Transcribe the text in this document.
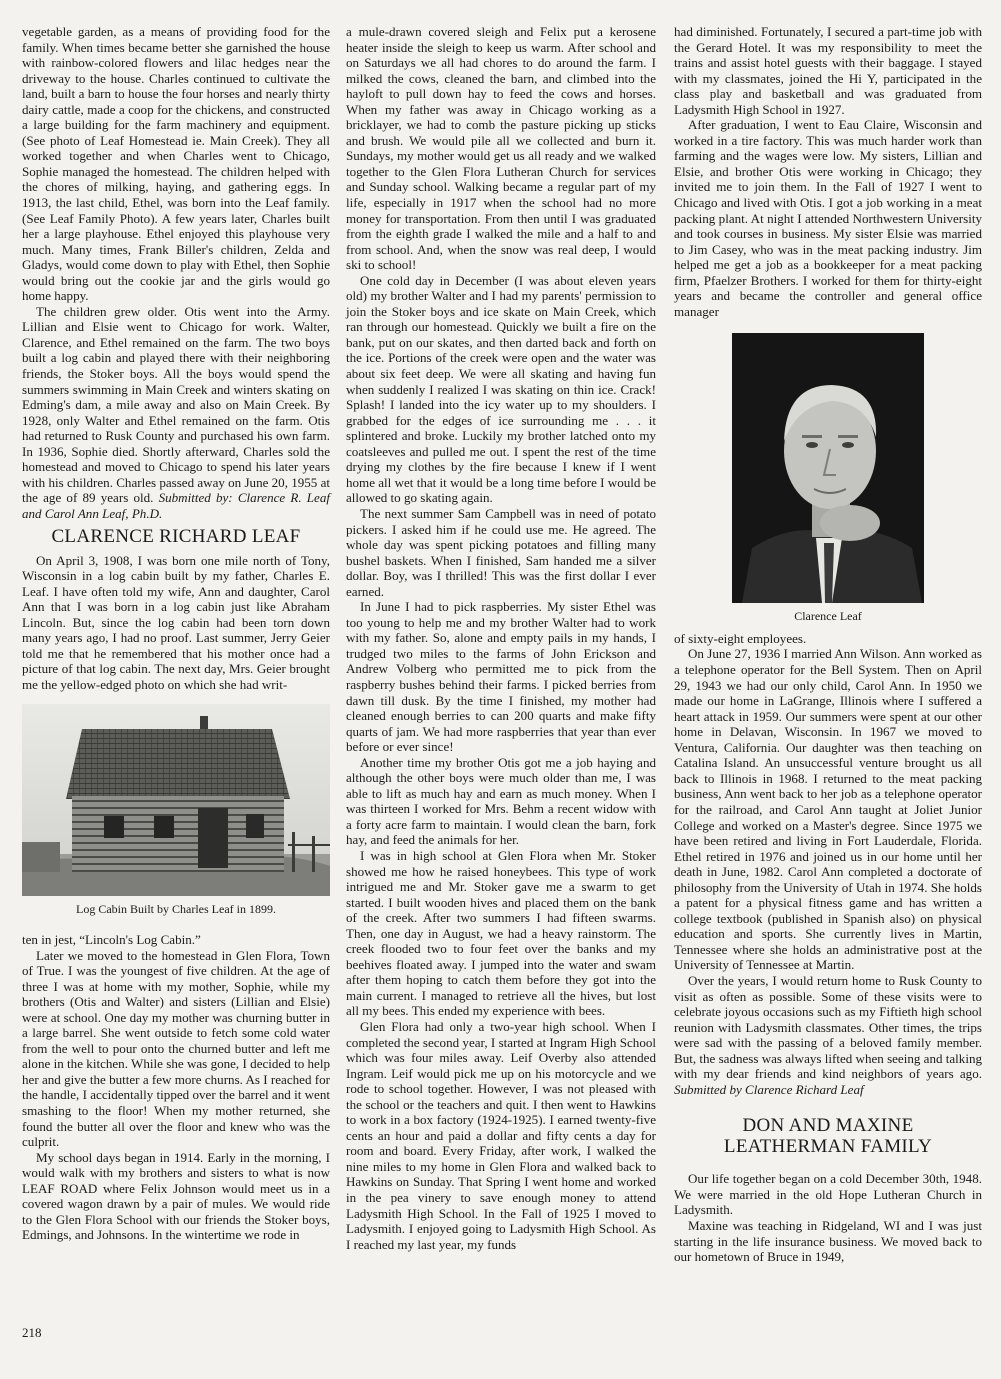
vegetable garden, as a means of providing food for the family. When times became better she garnished the house with rainbow-colored flowers and lilac hedges near the driveway to the house. Charles continued to cultivate the land, built a barn to house the four horses and nearly thirty dairy cattle, made a coop for the chickens, and constructed a large building for the farm machinery and equipment. (See photo of Leaf Homestead ie. Main Creek). They all worked together and when Charles went to Chicago, Sophie managed the homestead. The children helped with the chores of milking, haying, and gathering eggs. In 1913, the last child, Ethel, was born into the Leaf family. (See Leaf Family Photo). A few years later, Charles built her a large playhouse. Ethel enjoyed this playhouse very much. Many times, Frank Biller's children, Zelda and Gladys, would come down to play with Ethel, then Sophie would bring out the cookie jar and the girls would go home happy.

The children grew older. Otis went into the Army. Lillian and Elsie went to Chicago for work. Walter, Clarence, and Ethel remained on the farm. The two boys built a log cabin and played there with their neighboring friends, the Stoker boys. All the boys would spend the summers swimming in Main Creek and winters skating on Edming's dam, a mile away and also on Main Creek. By 1928, only Walter and Ethel remained on the farm. Otis had returned to Rusk County and purchased his own farm. In 1936, Sophie died. Shortly afterward, Charles sold the homestead and moved to Chicago to spend his later years with his children. Charles passed away on June 20, 1955 at the age of 89 years old. Submitted by: Clarence R. Leaf and Carol Ann Leaf, Ph.D.

CLARENCE RICHARD LEAF

On April 3, 1908, I was born one mile north of Tony, Wisconsin in a log cabin built by my father, Charles E. Leaf. I have often told my wife, Ann and daughter, Carol Ann that I was born in a log cabin just like Abraham Lincoln. But, since the log cabin had been torn down many years ago, I had no proof. Last summer, Jerry Geier told me that he remembered that his mother once had a picture of that log cabin. The next day, Mrs. Geier brought me the yellow-edged photo on which she had writ-

Log Cabin Built by Charles Leaf in 1899.

ten in jest, “Lincoln's Log Cabin.”

Later we moved to the homestead in Glen Flora, Town of True. I was the youngest of five children. At the age of three I was at home with my mother, Sophie, while my brothers (Otis and Walter) and sisters (Lillian and Elsie) were at school. One day my mother was churning butter in a large barrel. She went outside to fetch some cold water from the well to pour onto the churned butter and left me alone in the kitchen. While she was gone, I decided to help her and give the butter a few more churns. As I reached for the handle, I accidentally tipped over the barrel and it went smashing to the floor! When my mother returned, she found the butter all over the floor and knew who was the culprit.

My school days began in 1914. Early in the morning, I would walk with my brothers and sisters to what is now LEAF ROAD where Felix Johnson would meet us in a covered wagon drawn by a pair of mules. We would ride to the Glen Flora School with our friends the Stoker boys, Edmings, and Johnsons. In the wintertime we rode in

a mule-drawn covered sleigh and Felix put a kerosene heater inside the sleigh to keep us warm. After school and on Saturdays we all had chores to do around the farm. I milked the cows, cleaned the barn, and climbed into the hayloft to pull down hay to feed the cows and horses. When my father was away in Chicago working as a bricklayer, we had to comb the pasture picking up sticks and brush. We would pile all we collected and burn it. Sundays, my mother would get us all ready and we walked together to the Glen Flora Lutheran Church for services and Sunday school. Walking became a regular part of my life, especially in 1917 when the school had no more money for transportation. From then until I was graduated from the eighth grade I walked the mile and a half to and from school. And, when the snow was real deep, I would ski to school!

One cold day in December (I was about eleven years old) my brother Walter and I had my parents' permission to join the Stoker boys and ice skate on Main Creek, which ran through our homestead. Quickly we built a fire on the bank, put on our skates, and then darted back and forth on the ice. Portions of the creek were open and the water was about six feet deep. We were all skating and having fun when suddenly I realized I was skating on thin ice. Crack! Splash! I landed into the icy water up to my shoulders. I grabbed for the edges of ice surrounding me . . . it splintered and broke. Luckily my brother latched onto my coatsleeves and pulled me out. I spent the rest of the time drying my clothes by the fire because I knew if I went home all wet that it would be a long time before I would be allowed to go skating again.

The next summer Sam Campbell was in need of potato pickers. I asked him if he could use me. He agreed. The whole day was spent picking potatoes and filling many bushel baskets. When I finished, Sam handed me a silver dollar. Boy, was I thrilled! This was the first dollar I ever earned.

In June I had to pick raspberries. My sister Ethel was too young to help me and my brother Walter had to work with my father. So, alone and empty pails in my hands, I trudged two miles to the farms of John Erickson and Andrew Volberg who permitted me to pick from the raspberry bushes behind their farms. I picked berries from dawn till dusk. By the time I finished, my mother had cleaned enough berries to can 200 quarts and make fifty quarts of jam. We had more raspberries that year than ever before or ever since!

Another time my brother Otis got me a job haying and although the other boys were much older than me, I was able to lift as much hay and earn as much money. When I was thirteen I worked for Mrs. Behm a recent widow with a forty acre farm to maintain. I would clean the barn, fork hay, and feed the animals for her.

I was in high school at Glen Flora when Mr. Stoker showed me how he raised honeybees. This type of work intrigued me and Mr. Stoker gave me a swarm to get started. I built wooden hives and placed them on the bank of the creek. After two summers I had fifteen swarms. Then, one day in August, we had a heavy rainstorm. The creek flooded two to four feet over the banks and my beehives floated away. I jumped into the water and swam after them hoping to catch them before they got into the main current. I managed to retrieve all the hives, but lost all my bees. This ended my experience with bees.

Glen Flora had only a two-year high school. When I completed the second year, I started at Ingram High School which was four miles away. Leif Overby also attended Ingram. Leif would pick me up on his motorcycle and we rode to school together. However, I was not pleased with the school or the teachers and quit. I then went to Hawkins to work in a box factory (1924-1925). I earned twenty-five cents an hour and paid a dollar and fifty cents a day for room and board. Every Friday, after work, I walked the nine miles to my home in Glen Flora and walked back to Hawkins on Sunday. That Spring I went home and worked in the pea vinery to save enough money to attend Ladysmith High School. In the Fall of 1925 I moved to Ladysmith. I enjoyed going to Ladysmith High School. As I reached my last year, my funds

had diminished. Fortunately, I secured a part-time job with the Gerard Hotel. It was my responsibility to meet the trains and assist hotel guests with their baggage. I stayed with my classmates, joined the Hi Y, participated in the class play and basketball and was graduated from Ladysmith High School in 1927.

After graduation, I went to Eau Claire, Wisconsin and worked in a tire factory. This was much harder work than farming and the wages were low. My sisters, Lillian and Elsie, and brother Otis were working in Chicago; they invited me to join them. In the Fall of 1927 I went to Chicago and lived with Otis. I got a job working in a meat packing plant. At night I attended Northwestern University and took courses in business. My sister Elsie was married to Jim Casey, who was in the meat packing industry. Jim helped me get a job as a bookkeeper for a meat packing firm, Pfaelzer Brothers. I worked for them for thirty-eight years and became the controller and general office manager

Clarence Leaf

of sixty-eight employees.

On June 27, 1936 I married Ann Wilson. Ann worked as a telephone operator for the Bell System. Then on April 29, 1943 we had our only child, Carol Ann. In 1950 we made our home in LaGrange, Illinois where I suffered a heart attack in 1959. Our summers were spent at our other home in Delavan, Wisconsin. In 1967 we moved to Ventura, California. Our daughter was then teaching on Catalina Island. An unsuccessful venture brought us all back to Illinois in 1968. I returned to the meat packing business, Ann went back to her job as a telephone operator for the railroad, and Carol Ann taught at Joliet Junior College and worked on a Master's degree. Since 1975 we have been retired and living in Fort Lauderdale, Florida. Ethel retired in 1976 and joined us in our home until her death in June, 1982. Carol Ann completed a doctorate of philosophy from the University of Utah in 1974. She holds a patent for a physical fitness game and has written a college textbook (published in Spanish also) on physical education and sports. She currently lives in Martin, Tennessee where she holds an administrative post at the University of Tennessee at Martin.

Over the years, I would return home to Rusk County to visit as often as possible. Some of these visits were to celebrate joyous occasions such as my Fiftieth high school reunion with Ladysmith classmates. Other times, the trips were sad with the passing of a beloved family member. But, the sadness was always lifted when seeing and talking with my dear friends and kind neighbors of years ago. Submitted by Clarence Richard Leaf

DON AND MAXINE
LEATHERMAN FAMILY

Our life together began on a cold December 30th, 1948. We were married in the old Hope Lutheran Church in Ladysmith.

Maxine was teaching in Ridgeland, WI and I was just starting in the life insurance business. We moved back to our hometown of Bruce in 1949,

218
